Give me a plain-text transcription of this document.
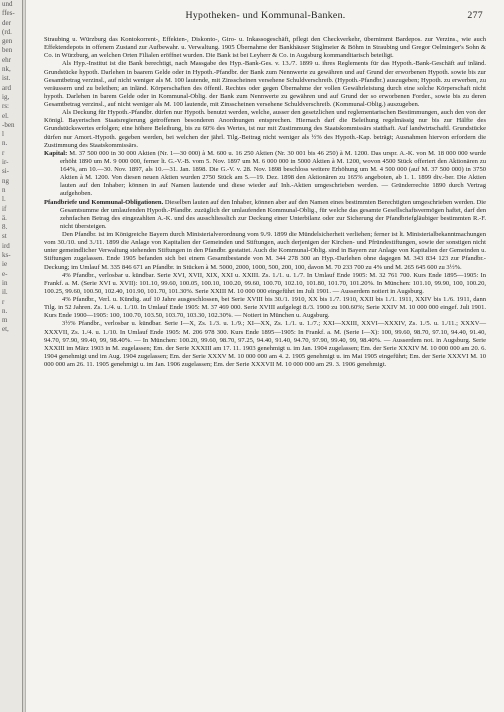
und
ffes-
der
(rd.
gen
ben
ehr
nk,
ist.
ard
ig,
rs:
el.
-ben
l
n.
r
ir-
si-
ng
n
l.
if
ä.
8.
st
ird
ks-
ie
e-
in
il.
r
n.
m
et,
Hypotheken- und Kommunal-Banken.	277

Straubing u. Würzburg das Kontokorrent-, Effekten-, Diskonto-, Giro- u. Inkassogeschäft, pflegt den Checkverkehr, übernimmt Bardepos. zur Verzins., wie auch Effektendepots in offenem Zustand zur Aufbewahr. u. Verwaltung. 1905 Übernahme der Bankhäuser Stiglmeier & Böhm in Straubing und Gregor Oelminger's Sohn & Co. in Würzburg, an welchen Orten Filialen eröffnet wurden. Die Bank ist bei Leyherr & Co. in Augsburg kommanditarisch beteiligt.

Als Hyp.-Institut ist die Bank berechtigt, nach Massgabe des Hyp.-Bank-Ges. v. 13./7. 1899 u. ihres Reglements für das Hypoth.-Bank-Geschäft auf inländ. Grundstücke hypoth. Darlehen in baarem Gelde oder in Hypoth.-Pfandbr. der Bank zum Nennwerte zu gewähren und auf Grund der erworbenen Hypoth. sowie bis zur Gesamtbetrag verzinsl., auf nicht weniger als M. 100 lautende, mit Zinsscheinen versehene Schuldverschreib. (Hypoth.-Pfandbr.) auszugeben; Hypoth. zu erwerben, zu veräussern und zu beleihen; an inländ. Körperschaften des öffentl. Rechtes oder gegen Übernahme der vollen Gewährleistung durch eine solche Körperschaft nicht hypoth. Darlehen in barem Gelde oder in Kommunal-Oblig. der Bank zum Nennwerte zu gewähren und auf Grund der so erworbenen Forder., sowie bis zu deren Gesamtbetrag verzinsl., auf nicht weniger als M. 100 lautende, mit Zinsscheinen versehene Schuldverschreib. (Kommunal-Oblig.) auszugeben.

Als Deckung für Hypoth.-Pfandbr. dürfen nur Hypoth. benutzt werden, welche, ausser den gesetzlichen und reglementarischen Bestimmungen, auch den von der Königl. Bayerischen Staatsregierung getroffenen besonderen Anordnungen entsprechen. Hiernach darf die Beleihung regelmässig nur bis zur Hälfte des Grundstückswertes erfolgen; eine höhere Beleihung, bis zu 60% des Wertes, ist nur mit Zustimmung des Staatskommissärs statthaft. Auf landwirtschaftl. Grundstücke dürfen nur Amort.-Hypoth. gegeben werden, bei welchen der jährl. Tilg.-Beitrag nicht weniger als ½% des Hypoth.-Kap. beträgt; Ausnahmen hiervon erfordern die Zustimmung des Staatskommissärs.

Kapital: M. 37 500 000 in 30 000 Aktien (Nr. 1—30 000) à M. 600 u. 16 250 Aktien (Nr. 30 001 bis 46 250) à M. 1200. Das urspr. A.-K. von M. 18 000 000 wurde erhöht 1890 um M. 9 000 000, ferner lt. G.-V.-B. vom 5. Nov. 1897 um M. 6 000 000 in 5000 Aktien à M. 1200, wovon 4500 Stück offeriert den Aktionären zu 164%, am 10.—30. Nov. 1897, als 10.—31. Jan. 1898. Die G.-V. v. 28. Nov. 1898 beschloss weitere Erhöhung um M. 4 500 000 (auf M. 37 500 000) in 3750 Aktien à M. 1200. Von diesen neuen Aktien wurden 2750 Stück am 5.—19. Dez. 1898 den Aktionären zu 165% angeboten, ab 1. 1. 1899 div.-ber. Die Aktien lauten auf den Inhaber; können in auf Namen lautende und diese wieder auf Inh.-Aktien umgeschrieben werden. — Gründerrechte 1890 durch Vertrag aufgehoben.

Pfandbriefe und Kommunal-Obligationen. Dieselben lauten auf den Inhaber, können aber auf den Namen eines bestimmten Berechtigten umgeschrieben werden. Die Gesamtsumme der umlaufenden Hypoth.-Pfandbr. zuzüglich der umlaufenden Kommunal-Oblig., für welche das gesamte Gesellschaftsvermögen haftet, darf den zehnfachen Betrag des eingezahlten A.-K. und des ausschliesslich zur Deckung einer Unterbilanz oder zur Sicherung der Pfandbriefgläubiger bestimmten R.-F. nicht übersteigen.

Den Pfandbr. ist im Königreiche Bayern durch Ministerialverordnung vom 9./9. 1899 die Mündelsicherheit verliehen; ferner ist lt. Ministerialbekanntmachungen vom 30./10. und 3./11. 1899 die Anlage von Kapitalien der Gemeinden und Stiftungen, auch derjenigen der Kirchen- und Pfründestiftungen, sowie der sonstigen nicht unter gemeindlicher Verwaltung stehenden Stiftungen in den Pfandbr. gestattet. Auch die Kommunal-Oblig. sind in Bayern zur Anlage von Kapitalien der Gemeinden u. Stiftungen zugelassen. Ende 1905 befanden sich bei einem Gesamtbestande von M. 344 278 300 an Hyp.-Darlehen ohne dagegen M. 343 834 123 zur Pfandbr.-Deckung; im Umlauf M. 335 846 671 an Pfandbr. in Stücken à M. 5000, 2000, 1000, 500, 200, 100, davon M. 70 233 700 zu 4% und M. 265 645 600 zu 3½%.

4% Pfandbr., verlosbar u. kündbar. Serie XVI, XVII, XIX, XXI u. XXIII. Zs. 1./1. u. 1./7. In Umlauf Ende 1905: M. 32 761 700. Kurs Ende 1895—1905: In Frankf. a. M. (Serie XVI u. XVII): 101.10, 99.60, 100.05, 100.10, 100.20, 99.60, 100.70, 102.10, 101.80, 101.70, 101.20%. In München: 101.10, 99.90, 100, 100.20, 100.25, 99.60, 100.50, 102.40, 101.90, 101.70, 101.30%. Serie XXIII M. 10 000 000 eingeführt im Juli 1901. — Ausserdem notiert in Augsburg.

4% Pfandbr., Verl. u. Kündig. auf 10 Jahre ausgeschlossen, bei Serie XVIII bis 30./1. 1910, XX bis 1./7. 1910, XXII bis 1./1. 1911, XXIV bis 1./6. 1911, dann Tilg. in 52 Jahren. Zs. 1./4. u. 1./10. In Umlauf Ende 1905: M. 37 469 000. Serie XVIII aufgelegt 8./3. 1900 zu 100.60%; Serie XXIV M. 10 000 000 eingef. Juli 1901. Kurs Ende 1900—1905: 100, 100.70, 103.50, 103.70, 103.30, 102.30%. — Notiert in München u. Augsburg.

3½% Pfandbr., verlosbar u. kündbar. Serie I—X, Zs. 1./3. u. 1./9.; XI—XX, Zs. 1./1. u. 1./7.; XXI—XXIII, XXVI—XXXIV, Zs. 1./5. u. 1./11.; XXXV—XXXVII, Zs. 1./4. u. 1./10. In Umlauf Ende 1905: M. 206 978 300. Kurs Ende 1895—1905: In Frankf. a. M. (Serie I—X): 100, 99.60, 98.70, 97.10, 94.40, 91.40, 94.70, 97.90, 99.40, 99, 98.40%. — In München: 100.20, 99.60, 98.70, 97.25, 94.40, 91.40, 94.70, 97.90, 99.40, 99, 98.40%. — Ausserdem not. in Augsburg. Serie XXXIII im März 1903 in M. zugelassen; Em. der Serie XXXIII am 17. 11. 1903 genehmigt u. im Jan. 1904 zugelassen; Em. der Serie XXXIV M. 10 000 000 am 20. 6. 1904 genehmigt und im Aug. 1904 zugelassen; Em. der Serie XXXV M. 10 000 000 am 4. 2. 1905 genehmigt u. im Mai 1905 eingeführt; Em. der Serie XXXVI M. 10 000 000 am 26. 11. 1905 genehmigt u. im Jan. 1906 zugelassen; Em. der Serie XXXVII M. 10 000 000 am 29. 3. 1906 genehmigt.
